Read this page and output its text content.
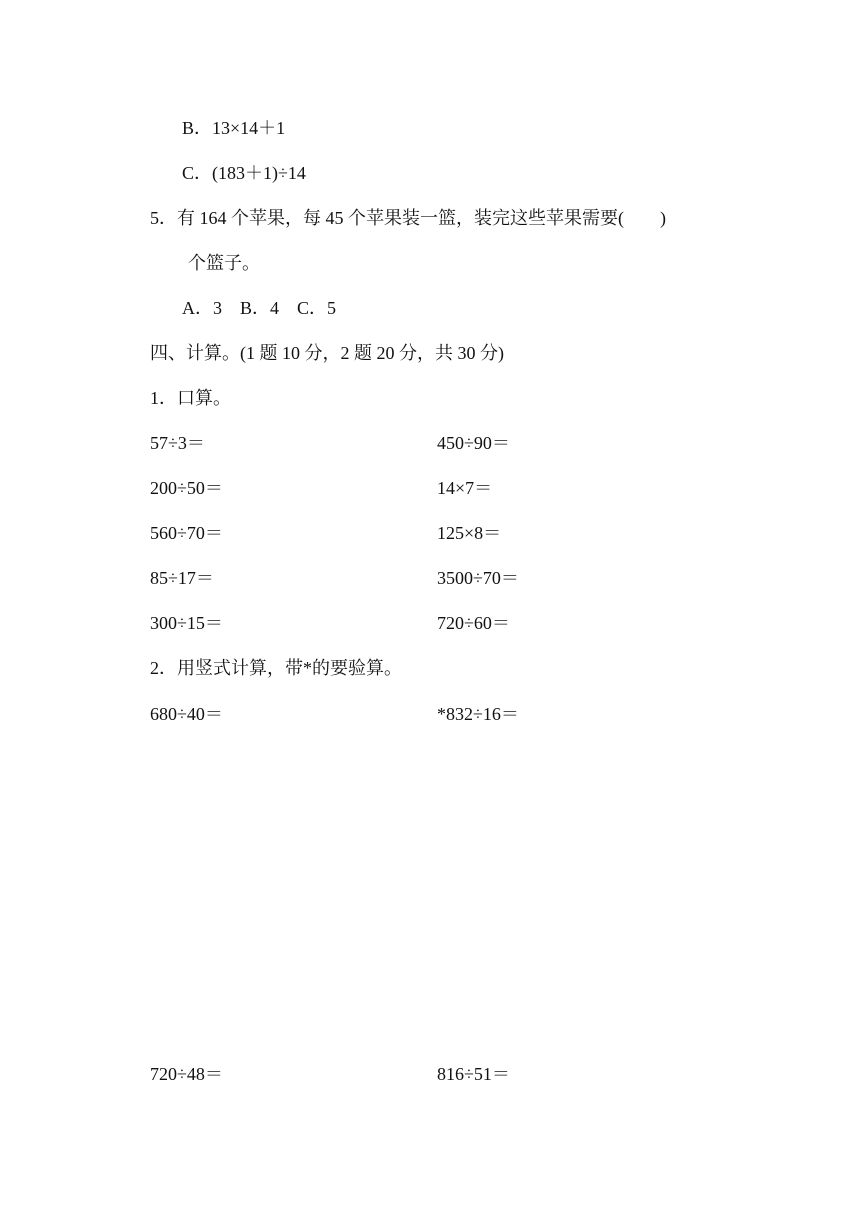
B．13×14＋1
C．(183＋1)÷14
5．有 164 个苹果，每 45 个苹果装一篮，装完这些苹果需要(　　)
个篮子。
A．3　B．4　C．5
四、计算。(1 题 10 分，2 题 20 分，共 30 分)
1．口算。
57÷3＝	450÷90＝
200÷50＝	14×7＝
560÷70＝	125×8＝
85÷17＝	3500÷70＝
300÷15＝	720÷60＝
2．用竖式计算，带*的要验算。
680÷40＝	*832÷16＝
720÷48＝	816÷51＝
